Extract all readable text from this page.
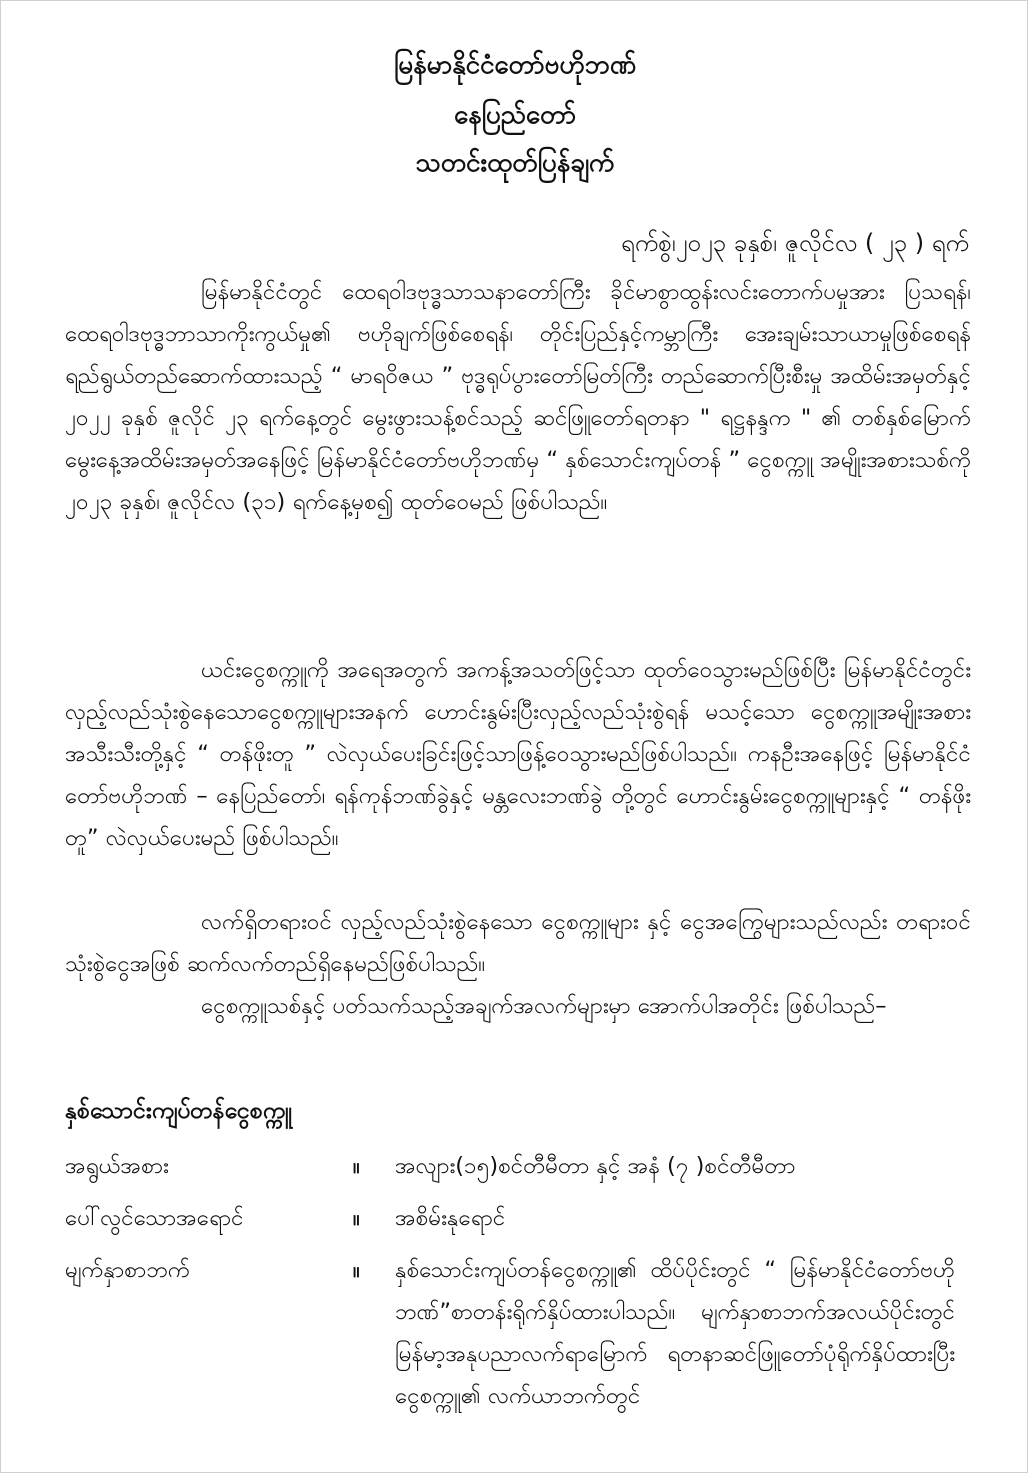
မြန်မာနိုင်ငံတော်ဗဟိုဘဏ်
နေပြည်တော်
သတင်းထုတ်ပြန်ချက်
ရက်စွဲ၊၂၀၂၃ ခုနှစ်၊ ဇူလိုင်လ ( ၂၃ ) ရက်

မြန်မာနိုင်ငံတွင် ထေရဝါဒဗုဒ္ဓသာသနာတော်ကြီး ခိုင်မာစွာထွန်းလင်းတောက်ပမှုအား ပြသရန်၊ ထေရဝါဒဗုဒ္ဓဘာသာကိုးကွယ်မှု၏ ဗဟိုချက်ဖြစ်စေရန်၊ တိုင်းပြည်နှင့်ကမ္ဘာကြီး အေးချမ်းသာယာမှုဖြစ်စေရန် ရည်ရွယ်တည်ဆောက်ထားသည့် “ မာရဝိဇယ ” ဗုဒ္ဓရုပ်ပွားတော်မြတ်ကြီး တည်ဆောက်ပြီးစီးမှု အထိမ်းအမှတ်နှင့် ၂၀၂၂ ခုနှစ် ဇူလိုင် ၂၃ ရက်နေ့တွင် မွေးဖွားသန့်စင်သည့် ဆင်ဖြူတော်ရတနာ " ရဋ္ဌနန္ဒက " ၏ တစ်နှစ်မြောက်မွေးနေ့အထိမ်းအမှတ်အနေဖြင့် မြန်မာနိုင်ငံတော်ဗဟိုဘဏ်မှ “ နှစ်သောင်းကျပ်တန် ” ငွေစက္ကူ အမျိုးအစားသစ်ကို ၂၀၂၃ ခုနှစ်၊ ဇူလိုင်လ (၃၁) ရက်နေ့မှစ၍ ထုတ်ဝေမည် ဖြစ်ပါသည်။

ယင်းငွေစက္ကူကို အရေအတွက် အကန့်အသတ်ဖြင့်သာ ထုတ်ဝေသွားမည်ဖြစ်ပြီး မြန်မာနိုင်ငံတွင်း လှည့်လည်သုံးစွဲနေသောငွေစက္ကူများအနက် ဟောင်းနွမ်းပြီးလှည့်လည်သုံးစွဲရန် မသင့်သော ငွေစက္ကူအမျိုးအစားအသီးသီးတို့နှင့် “ တန်ဖိုးတူ ” လဲလှယ်ပေးခြင်းဖြင့်သာဖြန့်ဝေသွားမည်ဖြစ်ပါသည်။ ကနဦးအနေဖြင့် မြန်မာနိုင်ငံတော်ဗဟိုဘဏ် – နေပြည်တော်၊ ရန်ကုန်ဘဏ်ခွဲနှင့် မန္တလေးဘဏ်ခွဲ တို့တွင် ဟောင်းနွမ်းငွေစက္ကူများနှင့် “ တန်ဖိုးတူ” လဲလှယ်ပေးမည် ဖြစ်ပါသည်။

လက်ရှိတရားဝင် လှည့်လည်သုံးစွဲနေသော ငွေစက္ကူများ နှင့် ငွေအကြွေများသည်လည်း တရားဝင်သုံးစွဲငွေအဖြစ် ဆက်လက်တည်ရှိနေမည်ဖြစ်ပါသည်။

ငွေစက္ကူသစ်နှင့် ပတ်သက်သည့်အချက်အလက်များမှာ အောက်ပါအတိုင်း ဖြစ်ပါသည်–

နှစ်သောင်းကျပ်တန်ငွေစက္ကူ
အရွယ်အစား	။ အလျား(၁၅)စင်တီမီတာ နှင့် အနံ (၇ )စင်တီမီတာ
ပေါ်လွင်သောအရောင်	။ အစိမ်းနုရောင်
မျက်နှာစာဘက်	။ နှစ်သောင်းကျပ်တန်ငွေစက္ကူ၏ ထိပ်ပိုင်းတွင် “ မြန်မာနိုင်ငံတော်ဗဟိုဘဏ်”စာတန်းရိုက်နှိပ်ထားပါသည်။ မျက်နှာစာဘက်အလယ်ပိုင်းတွင် မြန်မာ့အနုပညာလက်ရာမြောက် ရတနာဆင်ဖြူတော်ပုံရိုက်နှိပ်ထားပြီး ငွေစက္ကူ၏ လက်ယာဘက်တွင်
